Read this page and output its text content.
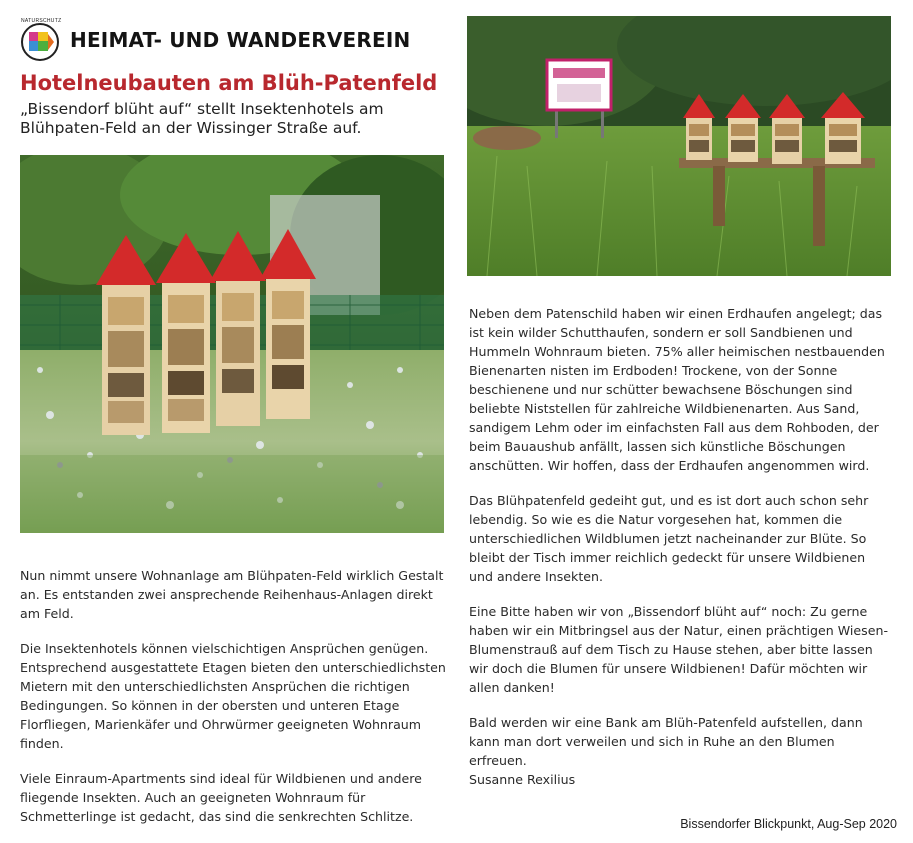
NATURSCHUTZ
HEIMAT- UND WANDERVEREIN
Hotelneubauten am Blüh-Patenfeld
„Bissendorf blüht auf“ stellt Insektenhotels am Blühpaten-Feld an der Wissinger Straße auf.

Nun nimmt unsere Wohnanlage am Blühpaten-Feld wirklich Gestalt an. Es entstanden zwei ansprechende Reihenhaus-Anlagen direkt am Feld.

Die Insektenhotels können vielschichtigen Ansprüchen genügen. Entsprechend ausgestattete Etagen bieten den unterschiedlichsten Mietern mit den unterschiedlichsten Ansprüchen die richtigen Bedingungen. So können in der obersten und unteren Etage Florfliegen, Marienkäfer und Ohrwürmer geeigneten Wohnraum finden.

Viele Einraum-Apartments sind ideal für Wildbienen und andere fliegende Insekten. Auch an geeigneten Wohnraum für Schmetterlinge ist gedacht, das sind die senkrechten Schlitze.

Neben dem Patenschild haben wir einen Erdhaufen angelegt; das ist kein wilder Schutthaufen, sondern er soll Sandbienen und Hummeln Wohnraum bieten. 75% aller heimischen nestbauenden Bienenarten nisten im Erdboden! Trockene, von der Sonne beschienene und nur schütter bewachsene Böschungen sind beliebte Niststellen für zahlreiche Wildbienenarten. Aus Sand, sandigem Lehm oder im einfachsten Fall aus dem Rohboden, der beim Bauaushub anfällt, lassen sich künstliche Böschungen anschütten. Wir hoffen, dass der Erdhaufen angenommen wird.

Das Blühpatenfeld gedeiht gut, und es ist dort auch schon sehr lebendig. So wie es die Natur vorgesehen hat, kommen die unterschiedlichen Wildblumen jetzt nacheinander zur Blüte. So bleibt der Tisch immer reichlich gedeckt für unsere Wildbienen und andere Insekten.

Eine Bitte haben wir von „Bissendorf blüht auf“ noch: Zu gerne haben wir ein Mitbringsel aus der Natur, einen prächtigen Wiesen-Blumenstrauß auf dem Tisch zu Hause stehen, aber bitte lassen wir doch die Blumen für unsere Wildbienen! Dafür möchten wir allen danken!

Bald werden wir eine Bank am Blüh-Patenfeld aufstellen, dann kann man dort verweilen und sich in Ruhe an den Blumen erfreuen.

Susanne Rexilius

Bissendorfer Blickpunkt, Aug-Sep 2020
